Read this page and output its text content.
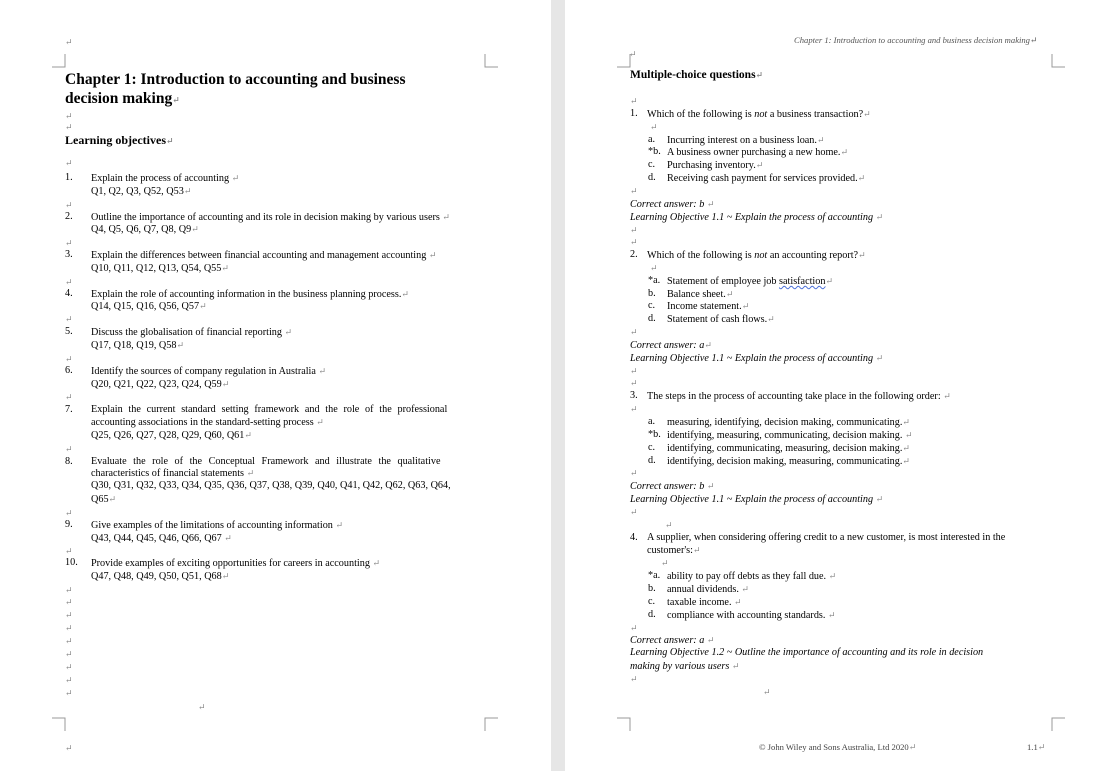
↵
Chapter 1: Introduction to accounting and business
decision making↵
↵
↵
Learning objectives↵
↵
1. Explain the process of accounting ↵
Q1, Q2, Q3, Q52, Q53↵
↵
2. Outline the importance of accounting and its role in decision making by various users ↵
Q4, Q5, Q6, Q7, Q8, Q9↵
↵
3. Explain the differences between financial accounting and management accounting ↵
Q10, Q11, Q12, Q13, Q54, Q55↵
↵
4. Explain the role of accounting information in the business planning process.↵
Q14, Q15, Q16, Q56, Q57↵
↵
5. Discuss the globalisation of financial reporting ↵
Q17, Q18, Q19, Q58↵
↵
6. Identify the sources of company regulation in Australia ↵
Q20, Q21, Q22, Q23, Q24, Q59↵
↵
7. Explain the current standard setting framework and the role of the professional
accounting associations in the standard-setting process ↵
Q25, Q26, Q27, Q28, Q29, Q60, Q61↵
↵
8. Evaluate the role of the Conceptual Framework and illustrate the qualitative
characteristics of financial statements ↵
Q30, Q31, Q32, Q33, Q34, Q35, Q36, Q37, Q38, Q39, Q40, Q41, Q42, Q62, Q63, Q64,
Q65↵
↵
9. Give examples of the limitations of accounting information ↵
Q43, Q44, Q45, Q46, Q66, Q67 ↵
↵
10. Provide examples of exciting opportunities for careers in accounting ↵
Q47, Q48, Q49, Q50, Q51, Q68↵
↵
↵
↵
↵
↵
↵
↵
↵
↵
↵
↵
Chapter 1: Introduction to accounting and business decision making↵
↵
Multiple-choice questions↵
↵
1. Which of the following is not a business transaction?↵
↵
a. Incurring interest on a business loan.↵
*b. A business owner purchasing a new home.↵
c. Purchasing inventory.↵
d. Receiving cash payment for services provided.↵
↵
Correct answer: b ↵
Learning Objective 1.1 ~ Explain the process of accounting ↵
↵
↵
2. Which of the following is not an accounting report?↵
↵
*a. Statement of employee job satisfaction↵
b. Balance sheet.↵
c. Income statement.↵
d. Statement of cash flows.↵
↵
Correct answer: a↵
Learning Objective 1.1 ~ Explain the process of accounting ↵
↵
↵
3. The steps in the process of accounting take place in the following order: ↵
↵
a. measuring, identifying, decision making, communicating.↵
*b. identifying, measuring, communicating, decision making. ↵
c. identifying, communicating, measuring, decision making.↵
d. identifying, decision making, measuring, communicating.↵
↵
Correct answer: b ↵
Learning Objective 1.1 ~ Explain the process of accounting ↵
↵
↵
4. A supplier, when considering offering credit to a new customer, is most interested in the
customer's:↵
↵
*a. ability to pay off debts as they fall due. ↵
b. annual dividends. ↵
c. taxable income. ↵
d. compliance with accounting standards. ↵
↵
Correct answer: a ↵
Learning Objective 1.2 ~ Outline the importance of accounting and its role in decision
making by various users ↵
↵
↵
© John Wiley and Sons Australia, Ltd 2020↵	1.1↵
